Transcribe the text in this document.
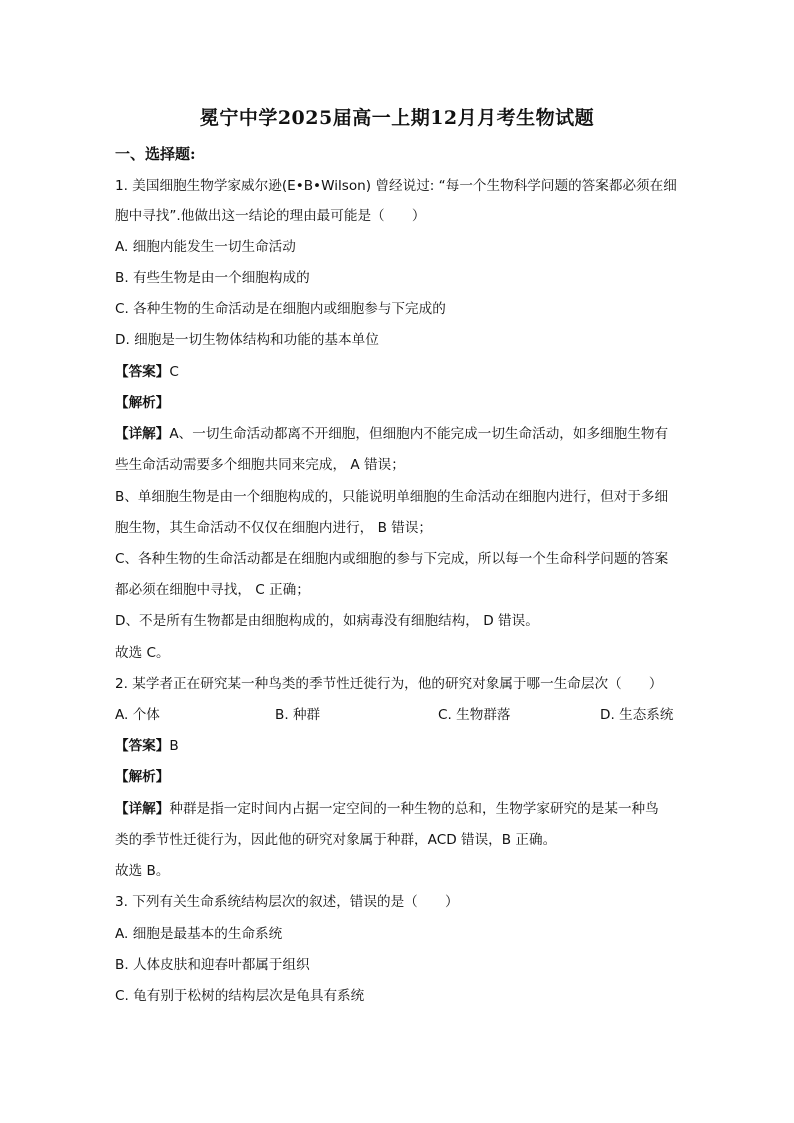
冕宁中学2025届高一上期12月月考生物试题
一、选择题:
1. 美国细胞生物学家威尔逊(E•B•Wilson) 曾经说过: “每一个生物科学问题的答案都必须在细
胞中寻找”.他做出这一结论的理由最可能是（　　）
A. 细胞内能发生一切生命活动
B. 有些生物是由一个细胞构成的
C. 各种生物的生命活动是在细胞内或细胞参与下完成的
D. 细胞是一切生物体结构和功能的基本单位
【答案】C
【解析】
【详解】A、一切生命活动都离不开细胞，但细胞内不能完成一切生命活动，如多细胞生物有
些生命活动需要多个细胞共同来完成， A 错误；
B、单细胞生物是由一个细胞构成的，只能说明单细胞的生命活动在细胞内进行，但对于多细
胞生物，其生命活动不仅仅在细胞内进行， B 错误；
C、各种生物的生命活动都是在细胞内或细胞的参与下完成，所以每一个生命科学问题的答案
都必须在细胞中寻找， C 正确；
D、不是所有生物都是由细胞构成的，如病毒没有细胞结构， D 错误。
故选 C。
2. 某学者正在研究某一种鸟类的季节性迁徙行为，他的研究对象属于哪一生命层次（　　）
A. 个体	B. 种群	C. 生物群落	D. 生态系统
【答案】B
【解析】
【详解】种群是指一定时间内占据一定空间的一种生物的总和，生物学家研究的是某一种鸟
类的季节性迁徙行为，因此他的研究对象属于种群，ACD 错误，B 正确。
故选 B。
3. 下列有关生命系统结构层次的叙述，错误的是（　　）
A. 细胞是最基本的生命系统
B. 人体皮肤和迎春叶都属于组织
C. 龟有别于松树的结构层次是龟具有系统
